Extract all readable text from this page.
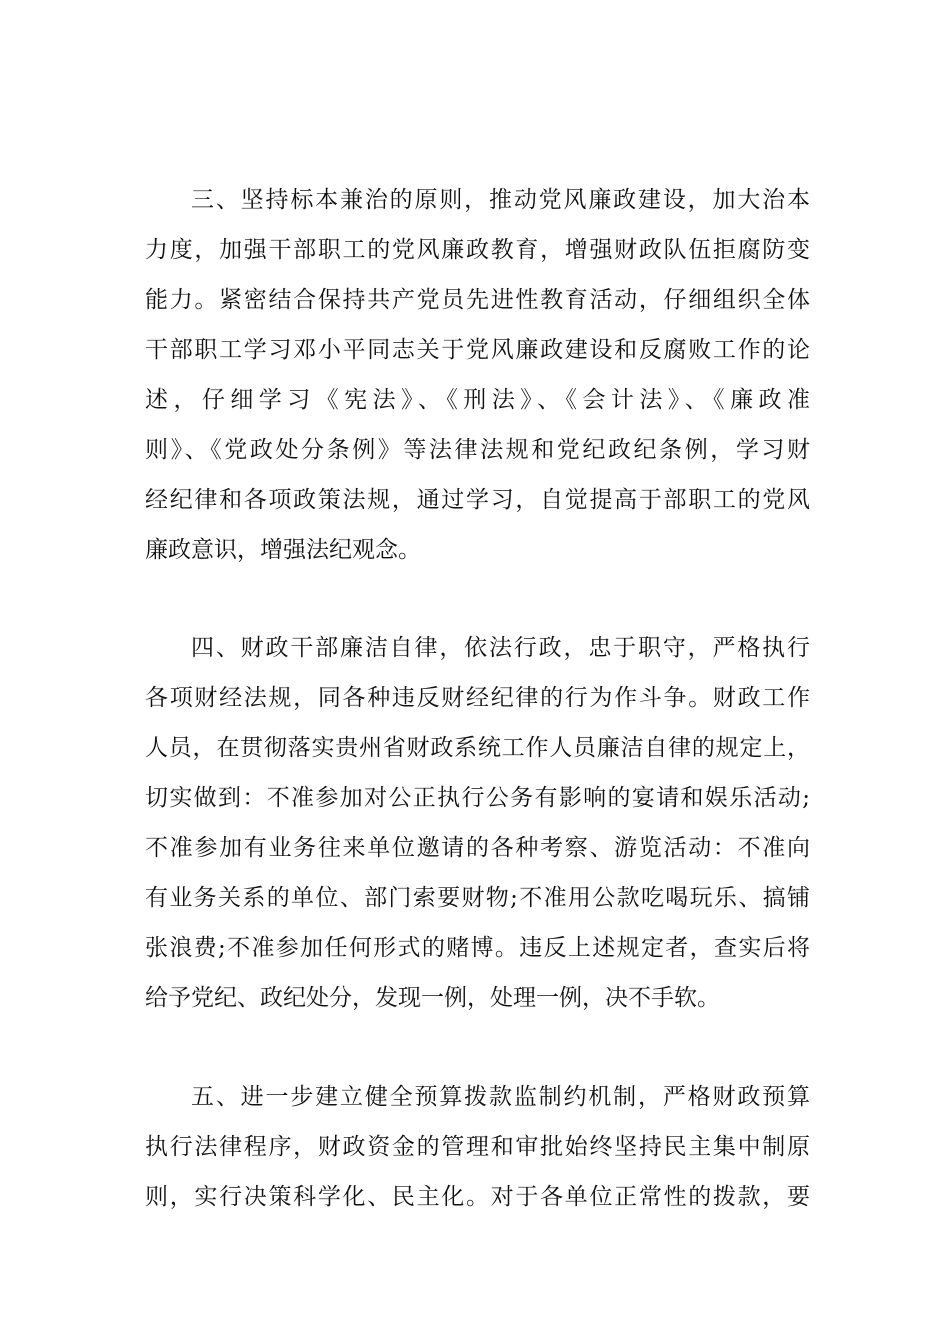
三、坚持标本兼治的原则，推动党风廉政建设，加大治本
力度，加强干部职工的党风廉政教育，增强财政队伍拒腐防变
能力。紧密结合保持共产党员先进性教育活动，仔细组织全体
干部职工学习邓小平同志关于党风廉政建设和反腐败工作的论
述，仔细学习《宪法》、《刑法》、《会计法》、《廉政准
则》、《党政处分条例》等法律法规和党纪政纪条例，学习财
经纪律和各项政策法规，通过学习，自觉提高于部职工的党风
廉政意识，增强法纪观念。
四、财政干部廉洁自律，依法行政，忠于职守，严格执行
各项财经法规，同各种违反财经纪律的行为作斗争。财政工作
人员，在贯彻落实贵州省财政系统工作人员廉洁自律的规定上，
切实做到：不准参加对公正执行公务有影响的宴请和娱乐活动;
不准参加有业务往来单位邀请的各种考察、游览活动：不准向
有业务关系的单位、部门索要财物;不准用公款吃喝玩乐、搞铺
张浪费;不准参加任何形式的赌博。违反上述规定者，查实后将
给予党纪、政纪处分，发现一例，处理一例，决不手软。
五、进一步建立健全预算拨款监制约机制，严格财政预算
执行法律程序，财政资金的管理和审批始终坚持民主集中制原
则，实行决策科学化、民主化。对于各单位正常性的拨款，要
